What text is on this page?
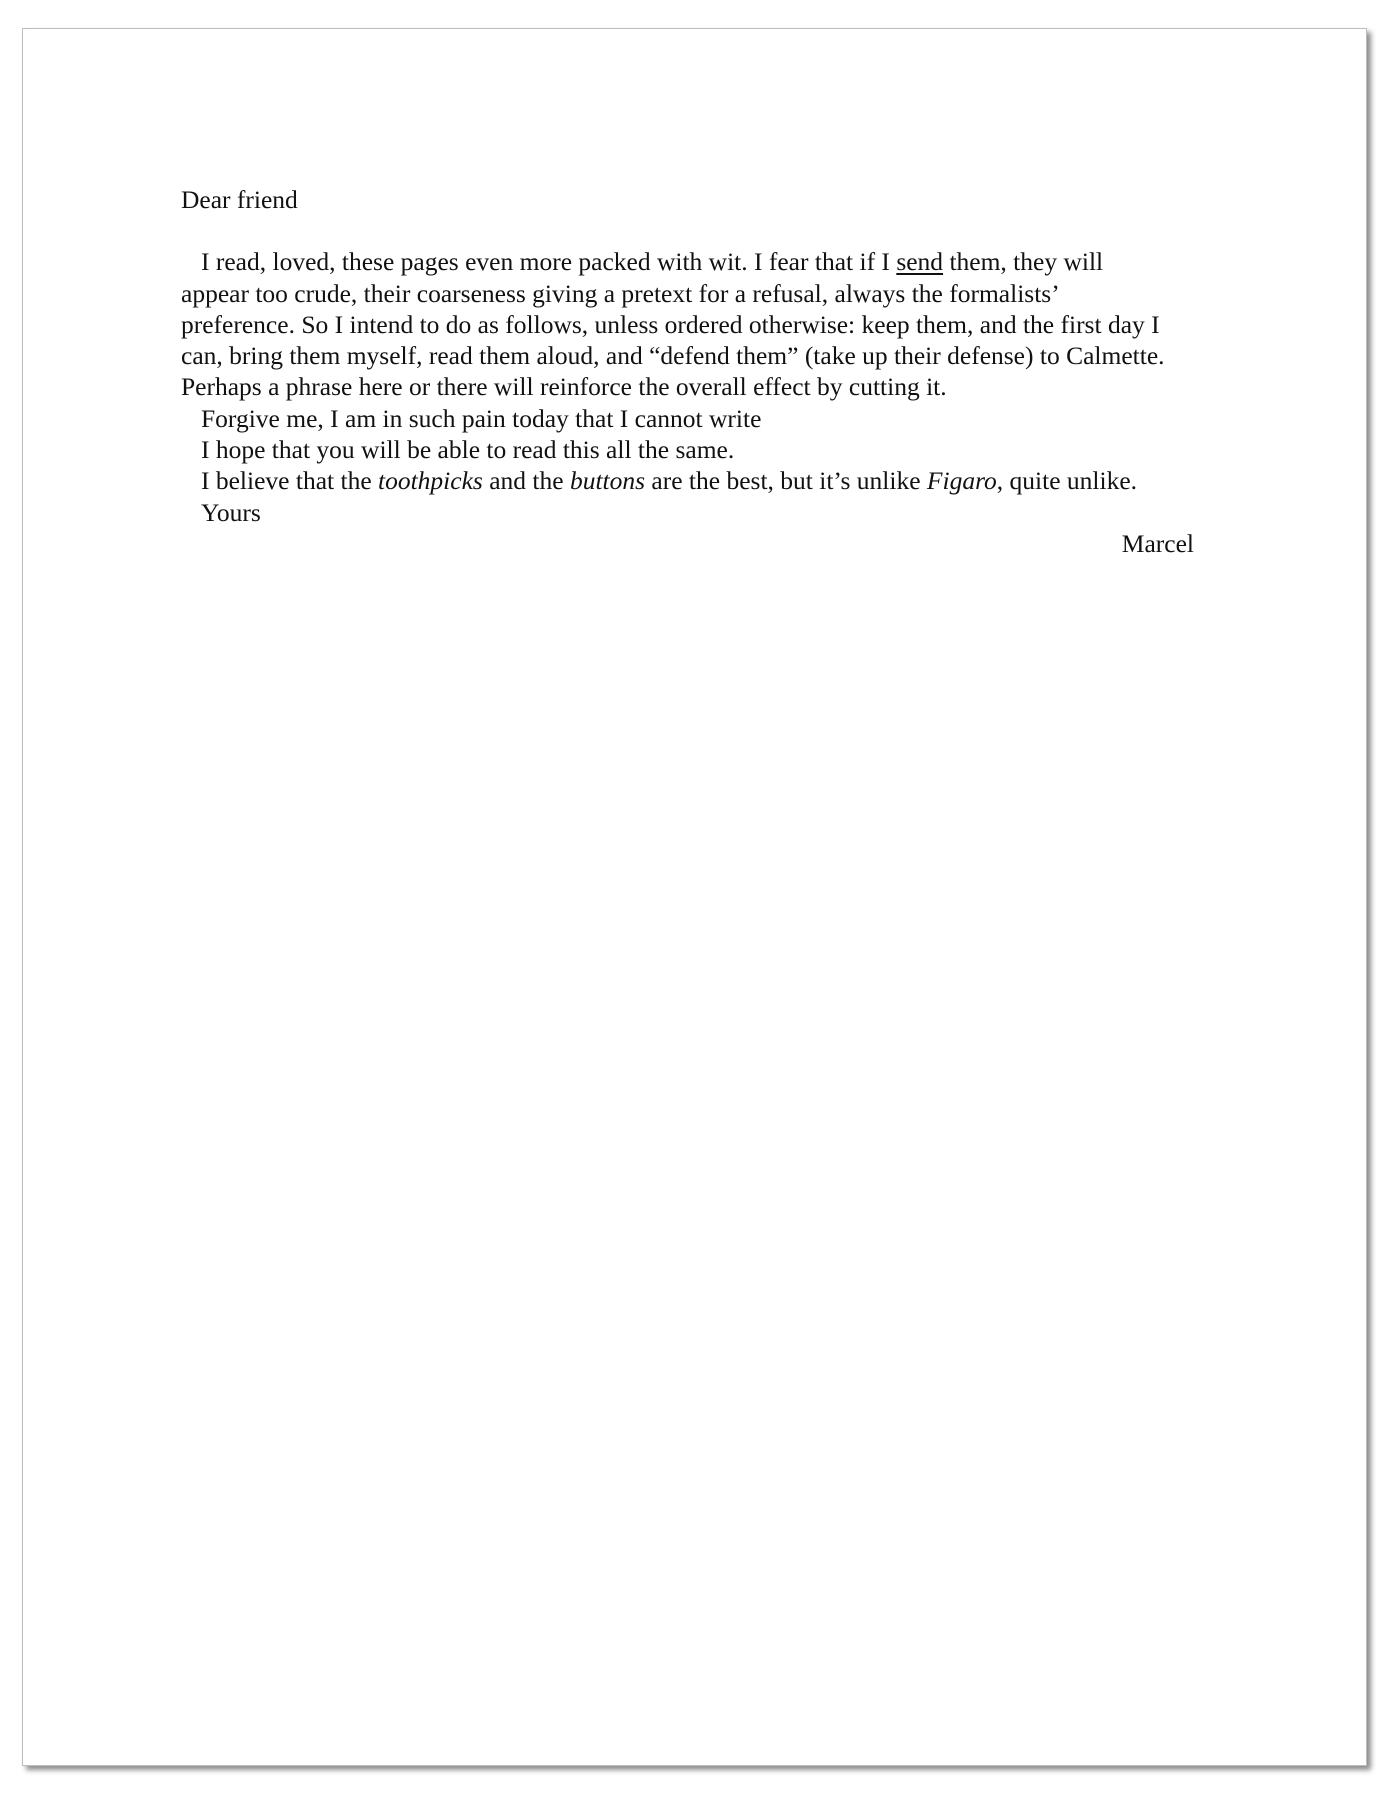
Dear friend

I read, loved, these pages even more packed with wit. I fear that if I send them, they will

appear too crude, their coarseness giving a pretext for a refusal, always the formalists’

preference. So I intend to do as follows, unless ordered otherwise: keep them, and the first day I

can, bring them myself, read them aloud, and “defend them” (take up their defense) to Calmette.

Perhaps a phrase here or there will reinforce the overall effect by cutting it.

Forgive me, I am in such pain today that I cannot write

I hope that you will be able to read this all the same.

I believe that the toothpicks and the buttons are the best, but it’s unlike Figaro, quite unlike.

Yours

Marcel
